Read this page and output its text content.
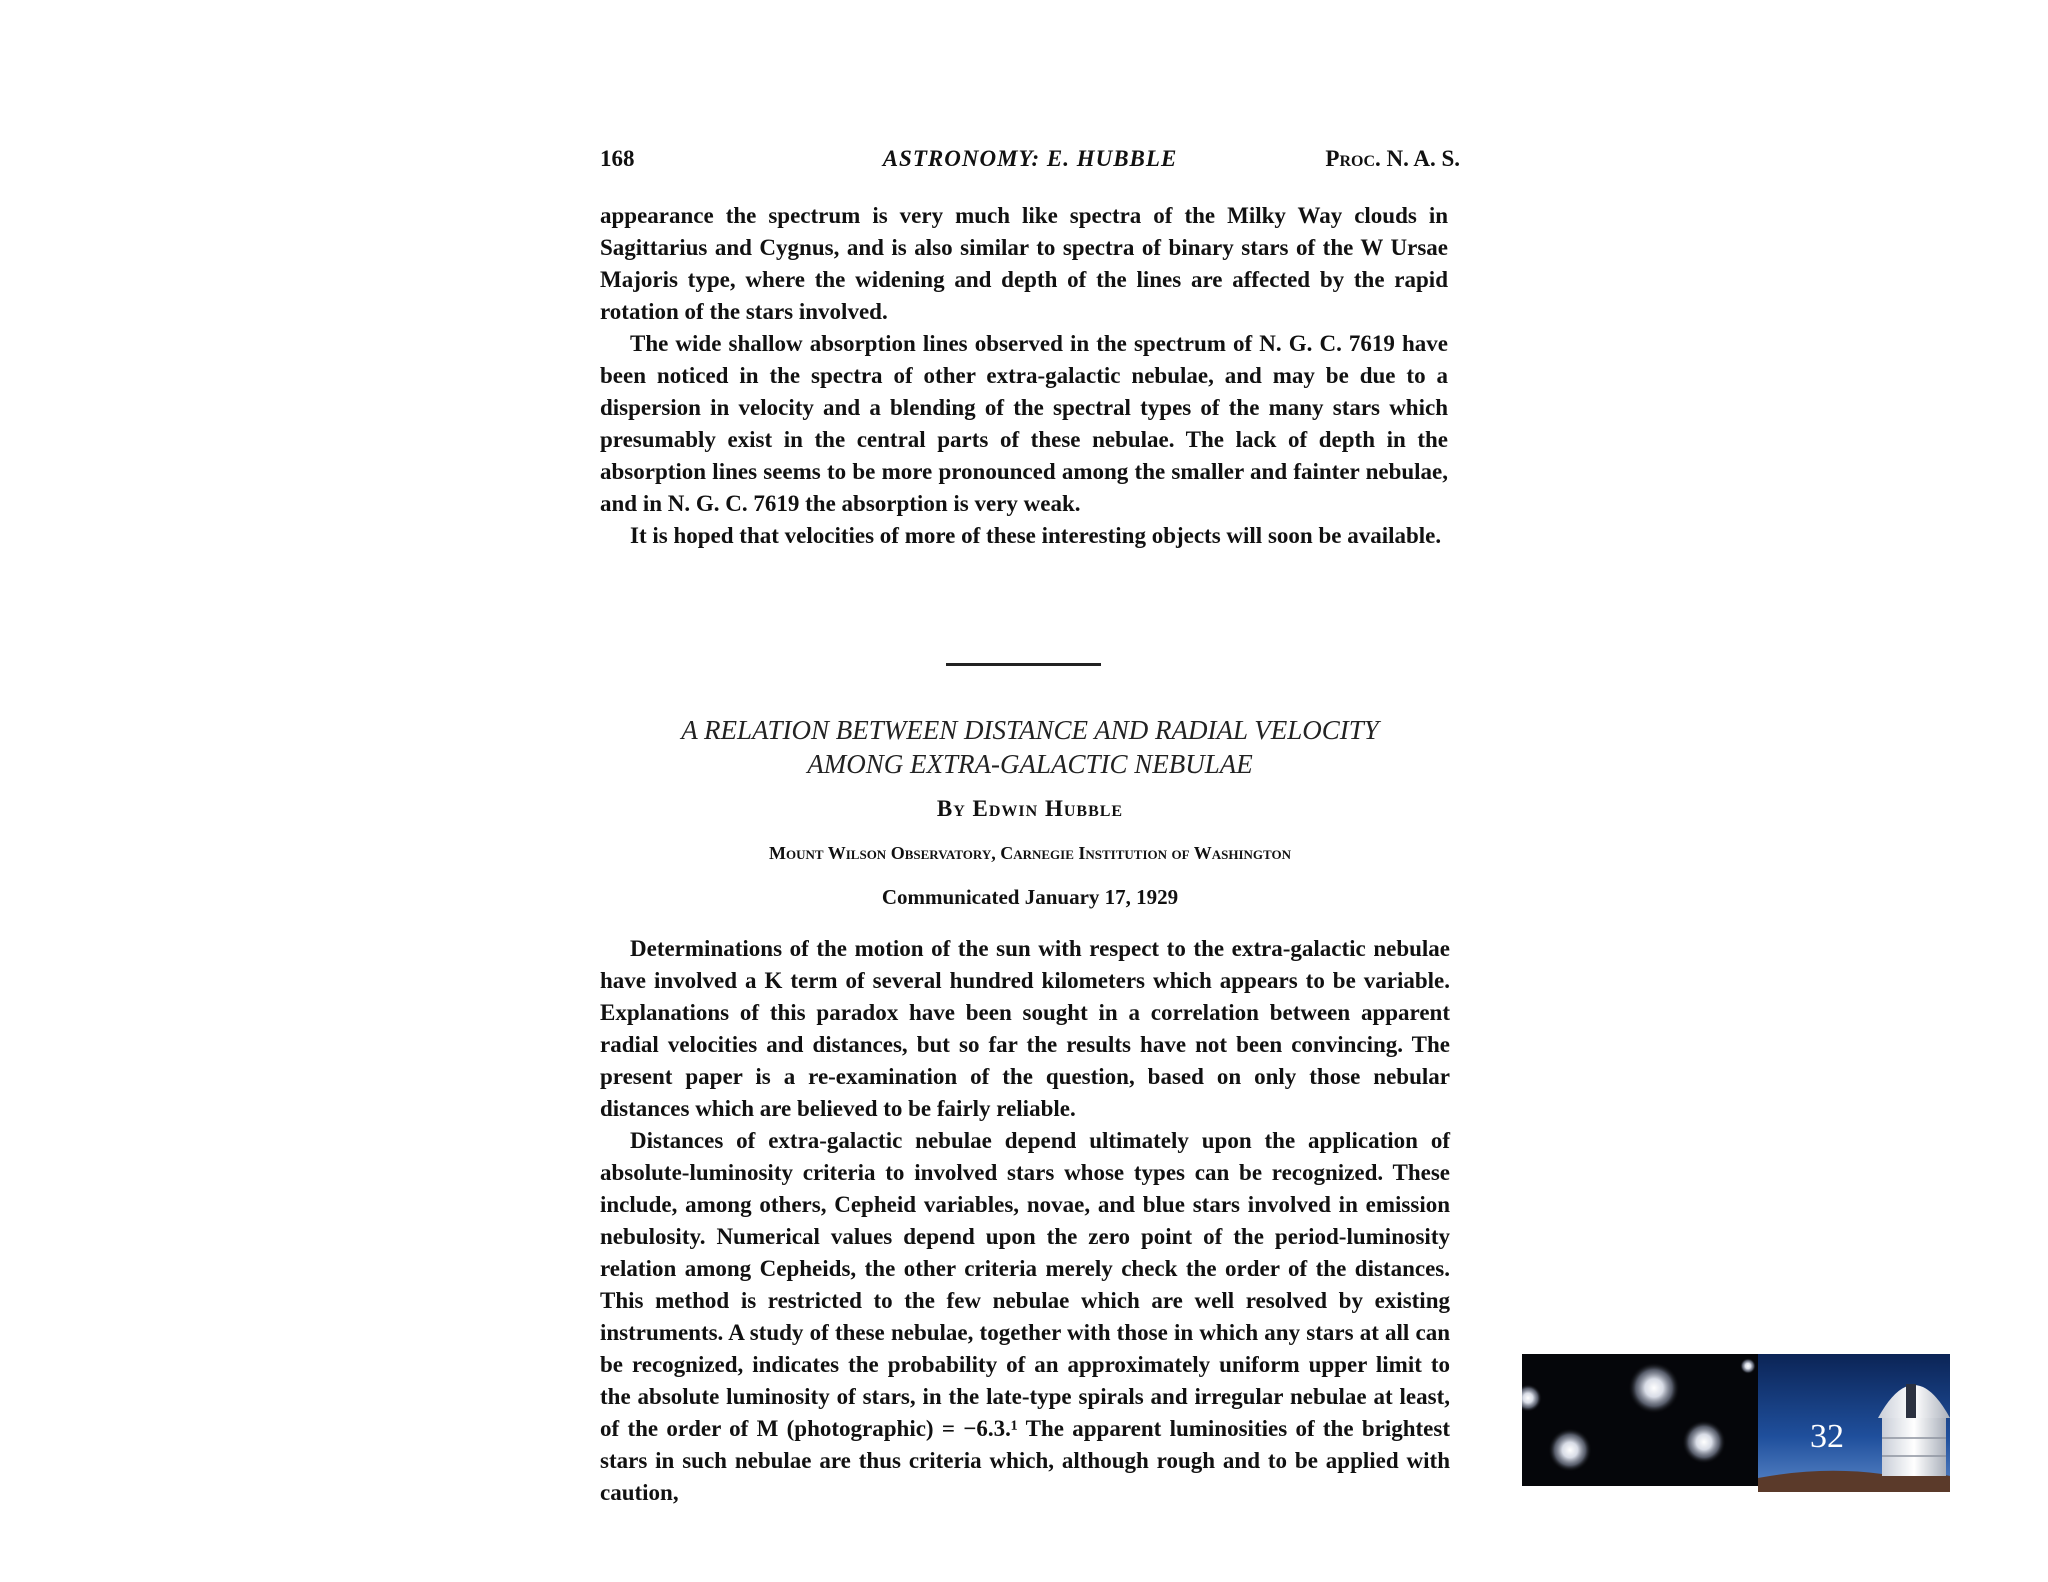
168	ASTRONOMY: E. HUBBLE	Proc. N. A. S.

appearance the spectrum is very much like spectra of the Milky Way clouds in Sagittarius and Cygnus, and is also similar to spectra of binary stars of the W Ursae Majoris type, where the widening and depth of the lines are affected by the rapid rotation of the stars involved.

The wide shallow absorption lines observed in the spectrum of N. G. C. 7619 have been noticed in the spectra of other extra-galactic nebulae, and may be due to a dispersion in velocity and a blending of the spectral types of the many stars which presumably exist in the central parts of these nebulae. The lack of depth in the absorption lines seems to be more pronounced among the smaller and fainter nebulae, and in N. G. C. 7619 the absorption is very weak.

It is hoped that velocities of more of these interesting objects will soon be available.

A RELATION BETWEEN DISTANCE AND RADIAL VELOCITY
AMONG EXTRA-GALACTIC NEBULAE
By Edwin Hubble
Mount Wilson Observatory, Carnegie Institution of Washington
Communicated January 17, 1929

Determinations of the motion of the sun with respect to the extra-galactic nebulae have involved a K term of several hundred kilometers which appears to be variable. Explanations of this paradox have been sought in a correlation between apparent radial velocities and distances, but so far the results have not been convincing. The present paper is a re-examination of the question, based on only those nebular distances which are believed to be fairly reliable.

Distances of extra-galactic nebulae depend ultimately upon the application of absolute-luminosity criteria to involved stars whose types can be recognized. These include, among others, Cepheid variables, novae, and blue stars involved in emission nebulosity. Numerical values depend upon the zero point of the period-luminosity relation among Cepheids, the other criteria merely check the order of the distances. This method is restricted to the few nebulae which are well resolved by existing instruments. A study of these nebulae, together with those in which any stars at all can be recognized, indicates the probability of an approximately uniform upper limit to the absolute luminosity of stars, in the late-type spirals and irregular nebulae at least, of the order of M (photographic) = −6.3.¹ The apparent luminosities of the brightest stars in such nebulae are thus criteria which, although rough and to be applied with caution,

32
